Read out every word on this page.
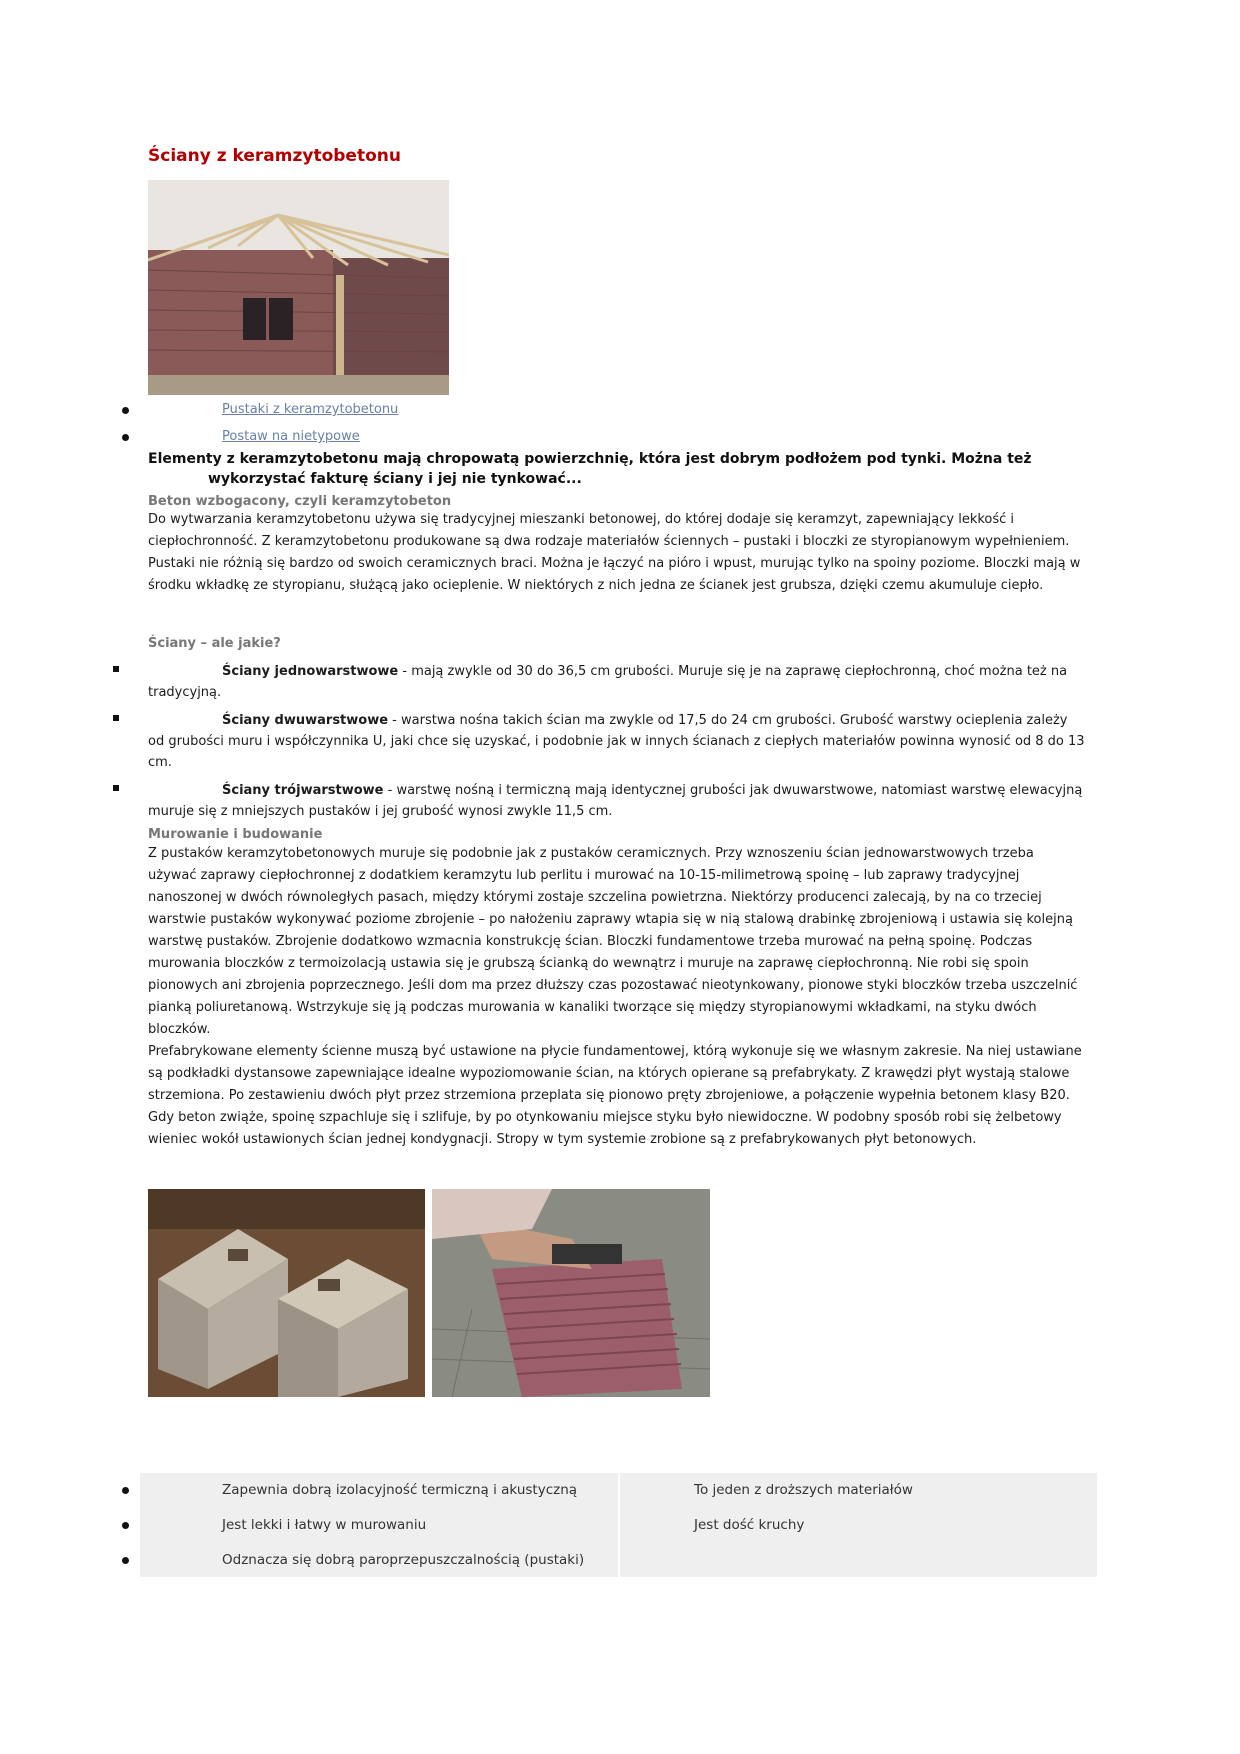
Ściany z keramzytobetonu
Pustaki z keramzytobetonu
Postaw na nietypowe

Elementy z keramzytobetonu mają chropowatą powierzchnię, która jest dobrym podłożem pod tynki. Można też
wykorzystać fakturę ściany i jej nie tynkować...

Beton wzbogacony, czyli keramzytobeton

Do wytwarzania keramzytobetonu używa się tradycyjnej mieszanki betonowej, do której dodaje się keramzyt, zapewniający lekkość i ciepłochronność. Z keramzytobetonu produkowane są dwa rodzaje materiałów ściennych – pustaki i bloczki ze styropianowym wypełnieniem. Pustaki nie różnią się bardzo od swoich ceramicznych braci. Można je łączyć na pióro i wpust, murując tylko na spoiny poziome. Bloczki mają w środku wkładkę ze styropianu, służącą jako ocieplenie. W niektórych z nich jedna ze ścianek jest grubsza, dzięki czemu akumuluje ciepło.

Ściany – ale jakie?
Ściany jednowarstwowe - mają zwykle od 30 do 36,5 cm grubości. Muruje się je na zaprawę ciepłochronną, choć można też na tradycyjną.
Ściany dwuwarstwowe - warstwa nośna takich ścian ma zwykle od 17,5 do 24 cm grubości. Grubość warstwy ocieplenia zależy od grubości muru i współczynnika U, jaki chce się uzyskać, i podobnie jak w innych ścianach z ciepłych materiałów powinna wynosić od 8 do 13 cm.
Ściany trójwarstwowe - warstwę nośną i termiczną mają identycznej grubości jak dwuwarstwowe, natomiast warstwę elewacyjną muruje się z mniejszych pustaków i jej grubość wynosi zwykle 11,5 cm.
Murowanie i budowanie

Z pustaków keramzytobetonowych muruje się podobnie jak z pustaków ceramicznych. Przy wznoszeniu ścian jednowarstwowych trzeba używać zaprawy ciepłochronnej z dodatkiem keramzytu lub perlitu i murować na 10-15-milimetrową spoinę – lub zaprawy tradycyjnej nanoszonej w dwóch równoległych pasach, między którymi zostaje szczelina powietrzna. Niektórzy producenci zalecają, by na co trzeciej warstwie pustaków wykonywać poziome zbrojenie – po nałożeniu zaprawy wtapia się w nią stalową drabinkę zbrojeniową i ustawia się kolejną warstwę pustaków. Zbrojenie dodatkowo wzmacnia konstrukcję ścian. Bloczki fundamentowe trzeba murować na pełną spoinę. Podczas murowania bloczków z termoizolacją ustawia się je grubszą ścianką do wewnątrz i muruje na zaprawę ciepłochronną. Nie robi się spoin pionowych ani zbrojenia poprzecznego. Jeśli dom ma przez dłuższy czas pozostawać nieotynkowany, pionowe styki bloczków trzeba uszczelnić pianką poliuretanową. Wstrzykuje się ją podczas murowania w kanaliki tworzące się między styropianowymi wkładkami, na styku dwóch bloczków.

Prefabrykowane elementy ścienne muszą być ustawione na płycie fundamentowej, którą wykonuje się we własnym zakresie. Na niej ustawiane są podkładki dystansowe zapewniające idealne wypoziomowanie ścian, na których opierane są prefabrykaty. Z krawędzi płyt wystają stalowe strzemiona. Po zestawieniu dwóch płyt przez strzemiona przeplata się pionowo pręty zbrojeniowe, a połączenie wypełnia betonem klasy B20. Gdy beton zwiąże, spoinę szpachluje się i szlifuje, by po otynkowaniu miejsce styku było niewidoczne. W podobny sposób robi się żelbetowy wieniec wokół ustawionych ścian jednej kondygnacji. Stropy w tym systemie zrobione są z prefabrykowanych płyt betonowych.

Zapewnia dobrą izolacyjność termiczną i akustyczną
Jest lekki i łatwy w murowaniu
Odznacza się dobrą paroprzepuszczalnością (pustaki)
To jeden z droższych materiałów
Jest dość kruchy
